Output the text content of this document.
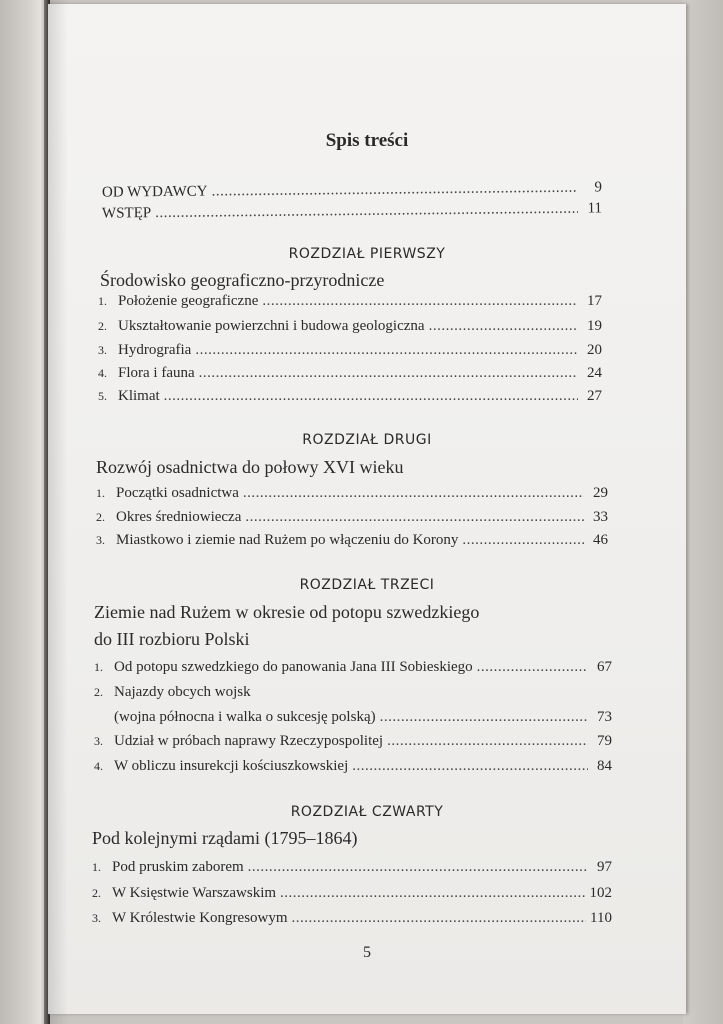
Spis treści
OD WYDAWCY .....	9
WSTĘP .....	11
ROZDZIAŁ PIERWSZY
Środowisko geograficzno-przyrodnicze
1. Położenie geograficzne .....	17
2. Ukształtowanie powierzchni i budowa geologiczna .....	19
3. Hydrografia .....	20
4. Flora i fauna .....	24
5. Klimat .....	27
ROZDZIAŁ DRUGI
Rozwój osadnictwa do połowy XVI wieku
1. Początki osadnictwa .....	29
2. Okres średniowiecza .....	33
3. Miastkowo i ziemie nad Rużem po włączeniu do Korony .....	46
ROZDZIAŁ TRZECI
Ziemie nad Rużem w okresie od potopu szwedzkiego
do III rozbioru Polski
1. Od potopu szwedzkiego do panowania Jana III Sobieskiego .....	67
2. Najazdy obcych wojsk
(wojna północna i walka o sukcesję polską) .....	73
3. Udział w próbach naprawy Rzeczypospolitej .....	79
4. W obliczu insurekcji kościuszkowskiej .....	84
ROZDZIAŁ CZWARTY
Pod kolejnymi rządami (1795–1864)
1. Pod pruskim zaborem .....	97
2. W Księstwie Warszawskim .....	102
3. W Królestwie Kongresowym .....	110
5
